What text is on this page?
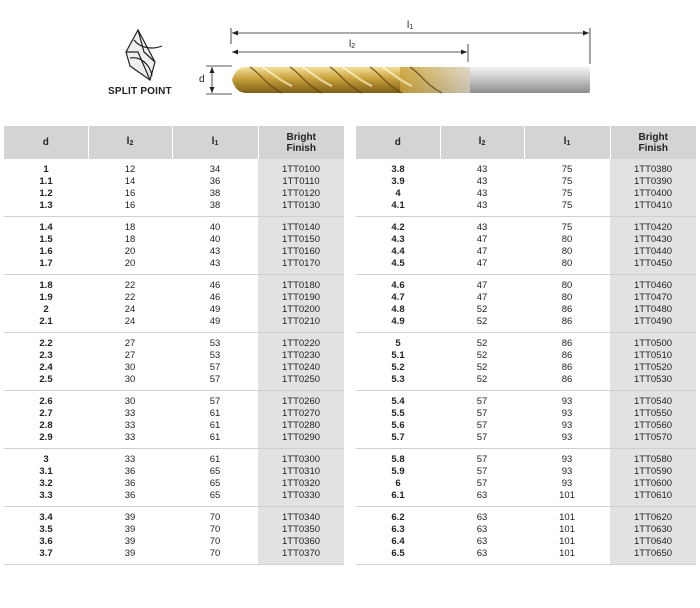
SPLIT POINT
l1
l2
d
d	l2	l1	Bright Finish

1	12	34	1TT0100
1.1	14	36	1TT0110
1.2	16	38	1TT0120
1.3	16	38	1TT0130

1.4	18	40	1TT0140
1.5	18	40	1TT0150
1.6	20	43	1TT0160
1.7	20	43	1TT0170

1.8	22	46	1TT0180
1.9	22	46	1TT0190
2	24	49	1TT0200
2.1	24	49	1TT0210

2.2	27	53	1TT0220
2.3	27	53	1TT0230
2.4	30	57	1TT0240
2.5	30	57	1TT0250

2.6	30	57	1TT0260
2.7	33	61	1TT0270
2.8	33	61	1TT0280
2.9	33	61	1TT0290

3	33	61	1TT0300
3.1	36	65	1TT0310
3.2	36	65	1TT0320
3.3	36	65	1TT0330

3.4	39	70	1TT0340
3.5	39	70	1TT0350
3.6	39	70	1TT0360
3.7	39	70	1TT0370

d	l2	l1	Bright Finish

3.8	43	75	1TT0380
3.9	43	75	1TT0390
4	43	75	1TT0400
4.1	43	75	1TT0410

4.2	43	75	1TT0420
4.3	47	80	1TT0430
4.4	47	80	1TT0440
4.5	47	80	1TT0450

4.6	47	80	1TT0460
4.7	47	80	1TT0470
4.8	52	86	1TT0480
4.9	52	86	1TT0490

5	52	86	1TT0500
5.1	52	86	1TT0510
5.2	52	86	1TT0520
5.3	52	86	1TT0530

5.4	57	93	1TT0540
5.5	57	93	1TT0550
5.6	57	93	1TT0560
5.7	57	93	1TT0570

5.8	57	93	1TT0580
5.9	57	93	1TT0590
6	57	93	1TT0600
6.1	63	101	1TT0610

6.2	63	101	1TT0620
6.3	63	101	1TT0630
6.4	63	101	1TT0640
6.5	63	101	1TT0650
